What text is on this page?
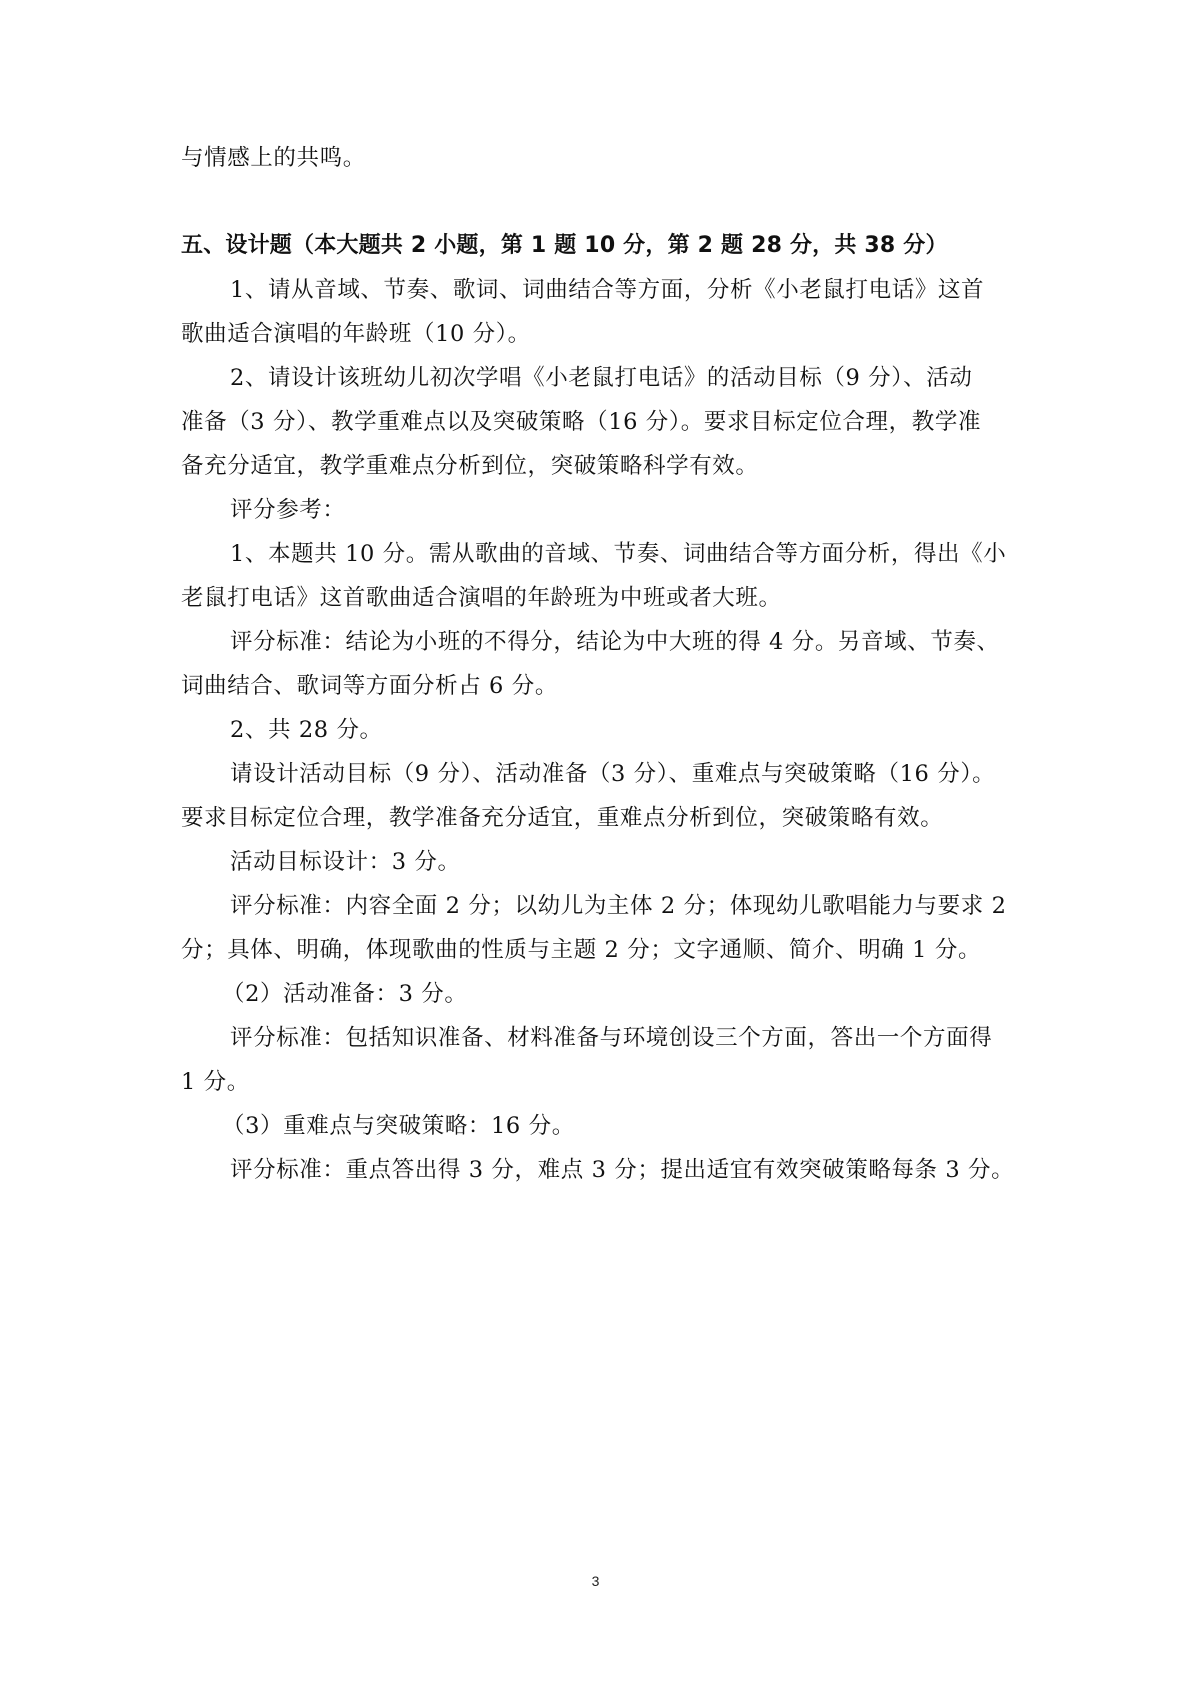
与情感上的共鸣。

五、设计题（本大题共 2 小题，第 1 题 10 分，第 2 题 28 分，共 38 分）

1、请从音域、节奏、歌词、词曲结合等方面，分析《小老鼠打电话》这首

歌曲适合演唱的年龄班（10 分）。

2、请设计该班幼儿初次学唱《小老鼠打电话》的活动目标（9 分）、活动

准备（3 分）、教学重难点以及突破策略（16 分）。要求目标定位合理，教学准

备充分适宜，教学重难点分析到位，突破策略科学有效。

评分参考：

1、本题共 10 分。需从歌曲的音域、节奏、词曲结合等方面分析，得出《小

老鼠打电话》这首歌曲适合演唱的年龄班为中班或者大班。

评分标准：结论为小班的不得分，结论为中大班的得 4 分。另音域、节奏、

词曲结合、歌词等方面分析占 6 分。

2、共 28 分。

请设计活动目标（9 分）、活动准备（3 分）、重难点与突破策略（16 分）。

要求目标定位合理，教学准备充分适宜，重难点分析到位，突破策略有效。

活动目标设计：3 分。

评分标准：内容全面 2 分；以幼儿为主体 2 分；体现幼儿歌唱能力与要求 2

分；具体、明确，体现歌曲的性质与主题 2 分；文字通顺、简介、明确 1 分。

（2）活动准备：3 分。

评分标准：包括知识准备、材料准备与环境创设三个方面，答出一个方面得

1 分。

（3）重难点与突破策略：16 分。

评分标准：重点答出得 3 分，难点 3 分；提出适宜有效突破策略每条 3 分。

3
